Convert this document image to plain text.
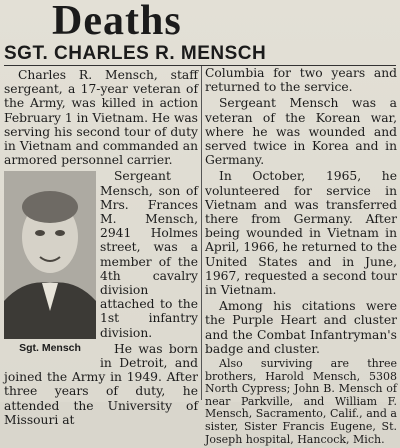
Deaths
SGT. CHARLES R. MENSCH

Charles R. Mensch, staff sergeant, a 17-year veteran of the Army, was killed in action February 1 in Vietnam. He was serving his second tour of duty in Vietnam and commanded an armored personnel carrier.

Sgt. Mensch

Sergeant Mensch, son of Mrs. Frances M. Mensch, 2941 Holmes street, was a member of the 4th cavalry division attached to the 1st infantry division.

He was born in Detroit, and joined the Army in 1949. After three years of duty, he attended the University of Missouri at

Columbia for two years and returned to the service.

Sergeant Mensch was a veteran of the Korean war, where he was wounded and served twice in Korea and in Germany.

In October, 1965, he volunteered for service in Vietnam and was transferred there from Germany. After being wounded in Vietnam in April, 1966, he returned to the United States and in June, 1967, requested a second tour in Vietnam.

Among his citations were the Purple Heart and cluster and the Combat Infantryman's badge and cluster.

Also surviving are three brothers, Harold Mensch, 5308 North Cypress; John B. Mensch of near Parkville, and William F. Mensch, Sacramento, Calif., and a sister, Sister Francis Eugene, St. Joseph hospital, Hancock, Mich.
